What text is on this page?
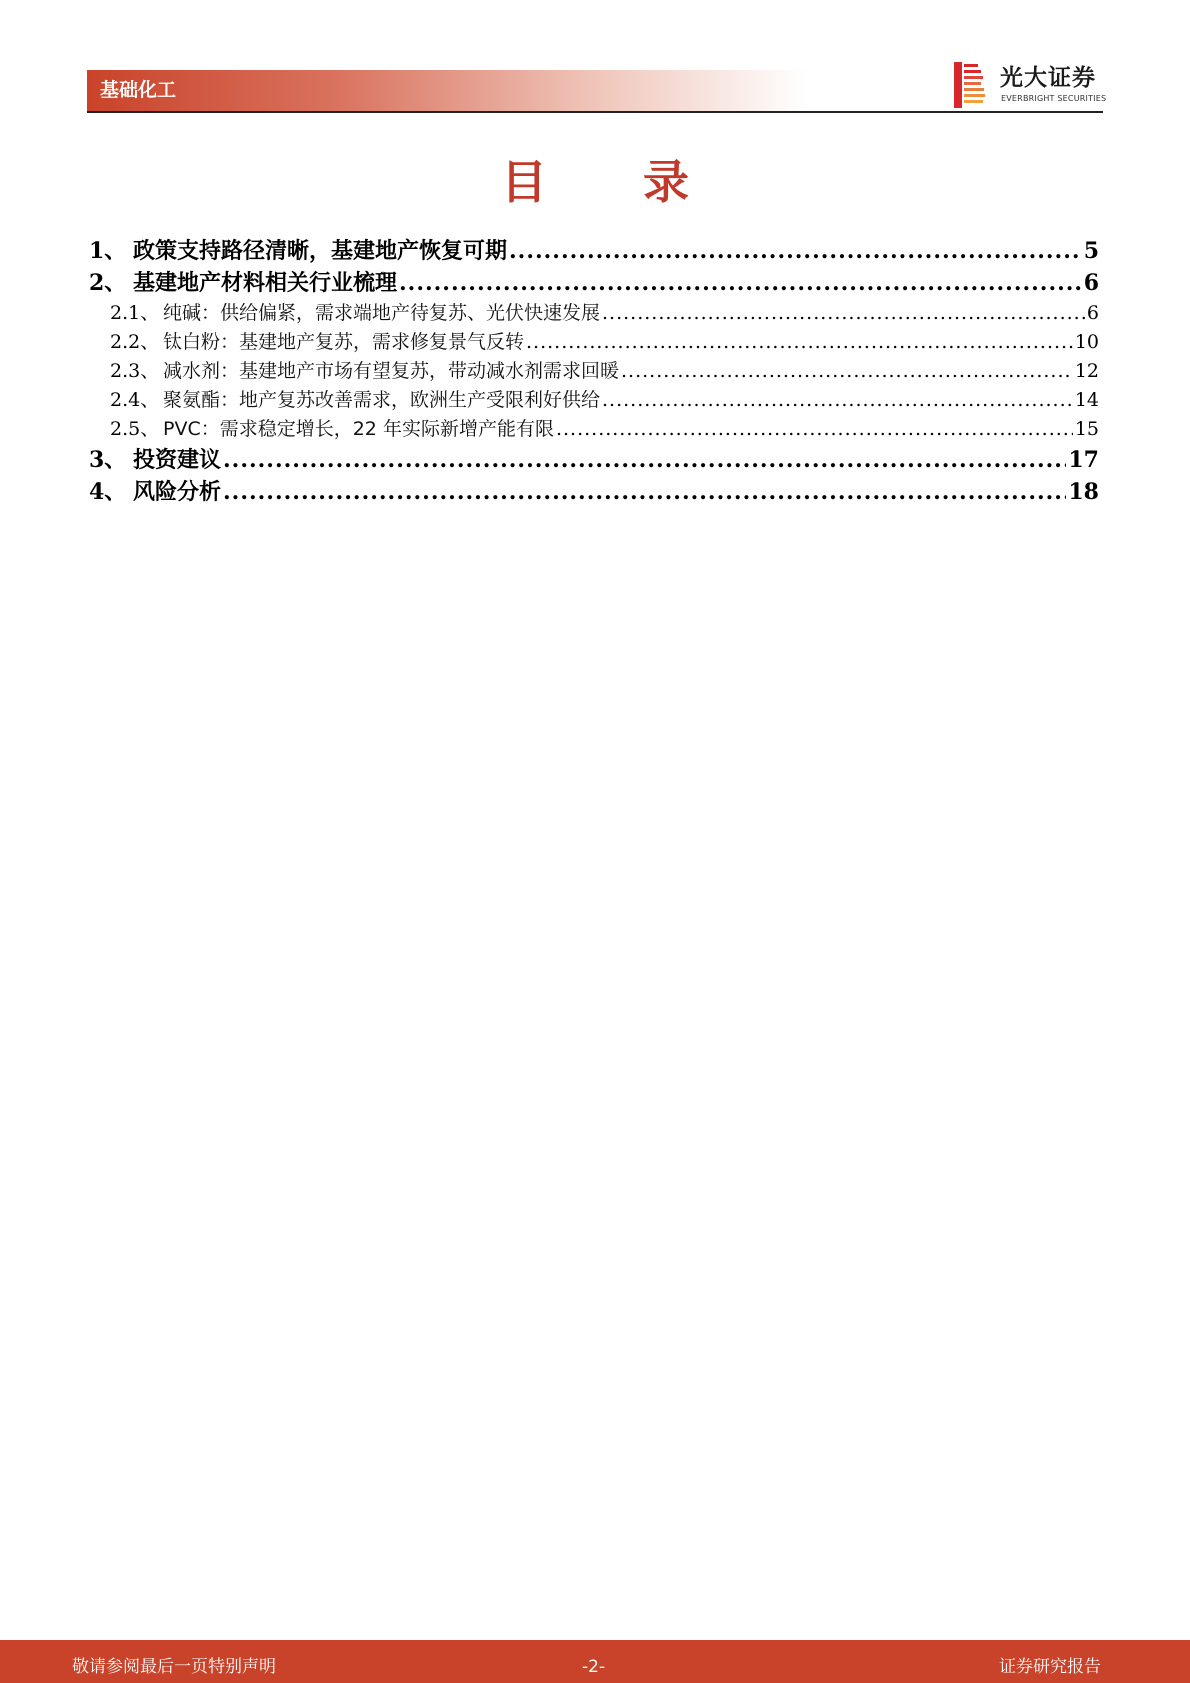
基础化工	光大证券
EVERBRIGHT SECURITIES
目 录
1、 政策支持路径清晰，基建地产恢复可期 .....	5
2、 基建地产材料相关行业梳理 .....	6
2.1、 纯碱：供给偏紧，需求端地产待复苏、光伏快速发展 .....	6
2.2、 钛白粉：基建地产复苏，需求修复景气反转 .....	10
2.3、 减水剂：基建地产市场有望复苏，带动减水剂需求回暖 .....	12
2.4、 聚氨酯：地产复苏改善需求，欧洲生产受限利好供给 .....	14
2.5、 PVC：需求稳定增长，22 年实际新增产能有限 .....	15
3、 投资建议 .....	17
4、 风险分析 .....	18
敬请参阅最后一页特别声明	-2-	证券研究报告
